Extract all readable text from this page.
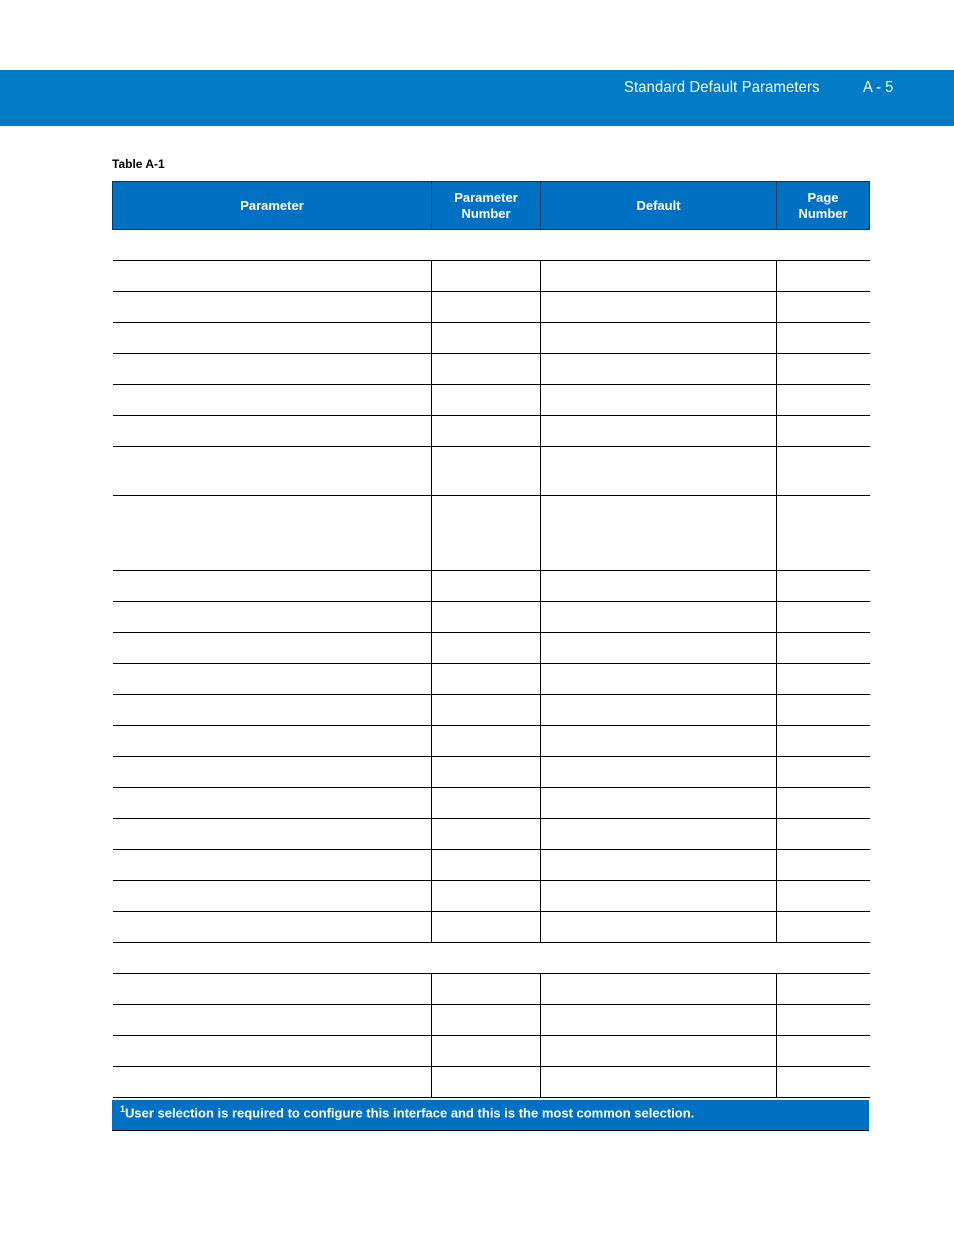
Standard Default Parameters	A - 5
Table A-1
Parameter	Parameter Number	Default	Page Number

$^1$User selection is required to configure this interface and this is the most common selection.
